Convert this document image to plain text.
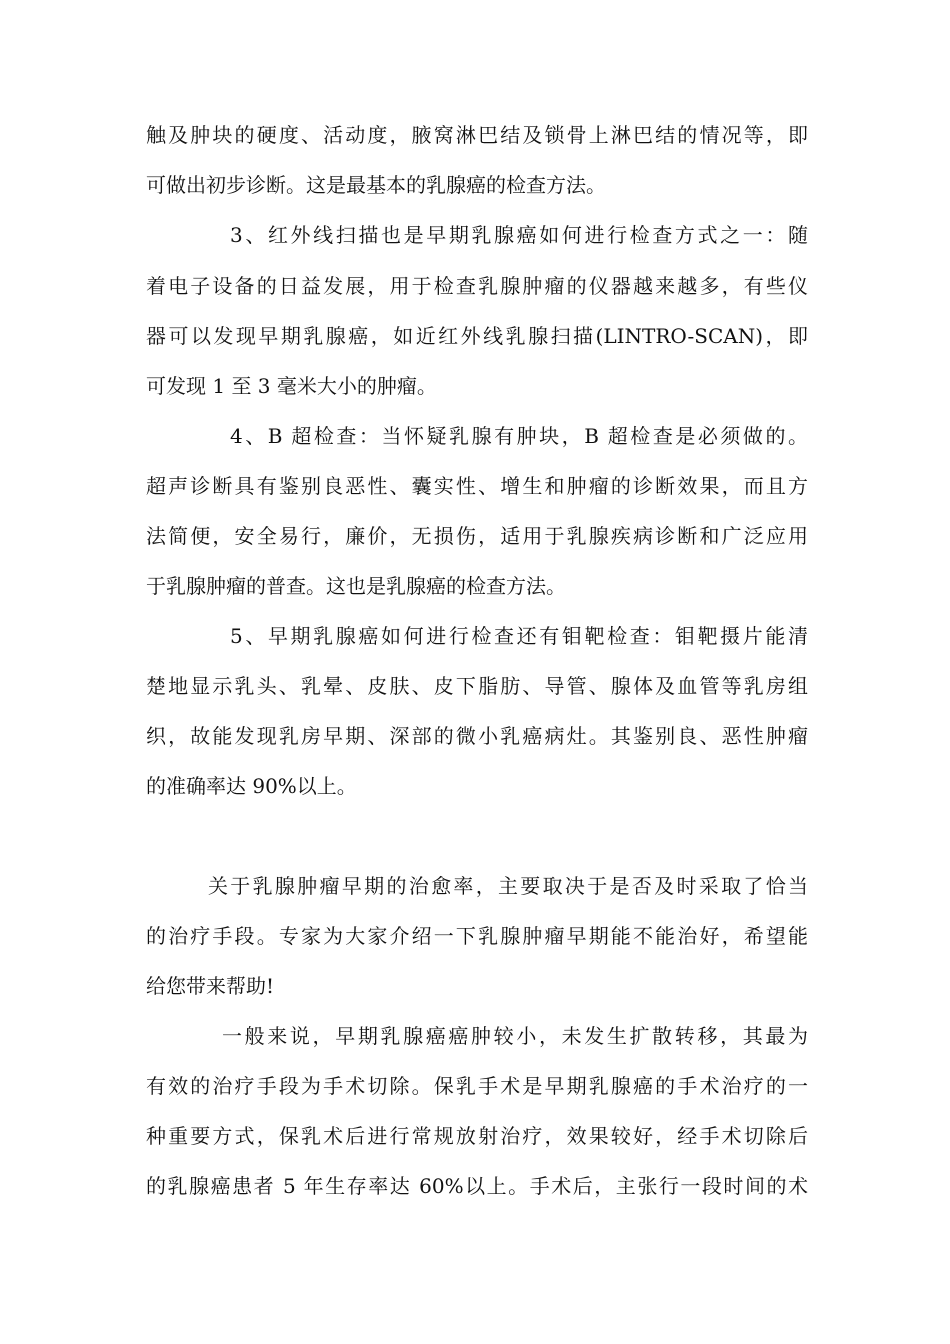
触及肿块的硬度、活动度，腋窝淋巴结及锁骨上淋巴结的情况等，即
可做出初步诊断。这是最基本的乳腺癌的检查方法。
3、红外线扫描也是早期乳腺癌如何进行检查方式之一：随
着电子设备的日益发展，用于检查乳腺肿瘤的仪器越来越多，有些仪
器可以发现早期乳腺癌，如近红外线乳腺扫描(LINTRO-SCAN)，即
可发现 1 至 3 毫米大小的肿瘤。
4、B 超检查：当怀疑乳腺有肿块，B 超检查是必须做的。
超声诊断具有鉴别良恶性、囊实性、增生和肿瘤的诊断效果，而且方
法简便，安全易行，廉价，无损伤，适用于乳腺疾病诊断和广泛应用
于乳腺肿瘤的普查。这也是乳腺癌的检查方法。
5、早期乳腺癌如何进行检查还有钼靶检查：钼靶摄片能清
楚地显示乳头、乳晕、皮肤、皮下脂肪、导管、腺体及血管等乳房组
织，故能发现乳房早期、深部的微小乳癌病灶。其鉴别良、恶性肿瘤
的准确率达 90%以上。
关于乳腺肿瘤早期的治愈率，主要取决于是否及时采取了恰当
的治疗手段。专家为大家介绍一下乳腺肿瘤早期能不能治好，希望能
给您带来帮助!
一般来说，早期乳腺癌癌肿较小，未发生扩散转移，其最为
有效的治疗手段为手术切除。保乳手术是早期乳腺癌的手术治疗的一
种重要方式，保乳术后进行常规放射治疗，效果较好，经手术切除后
的乳腺癌患者 5 年生存率达 60%以上。手术后，主张行一段时间的术
